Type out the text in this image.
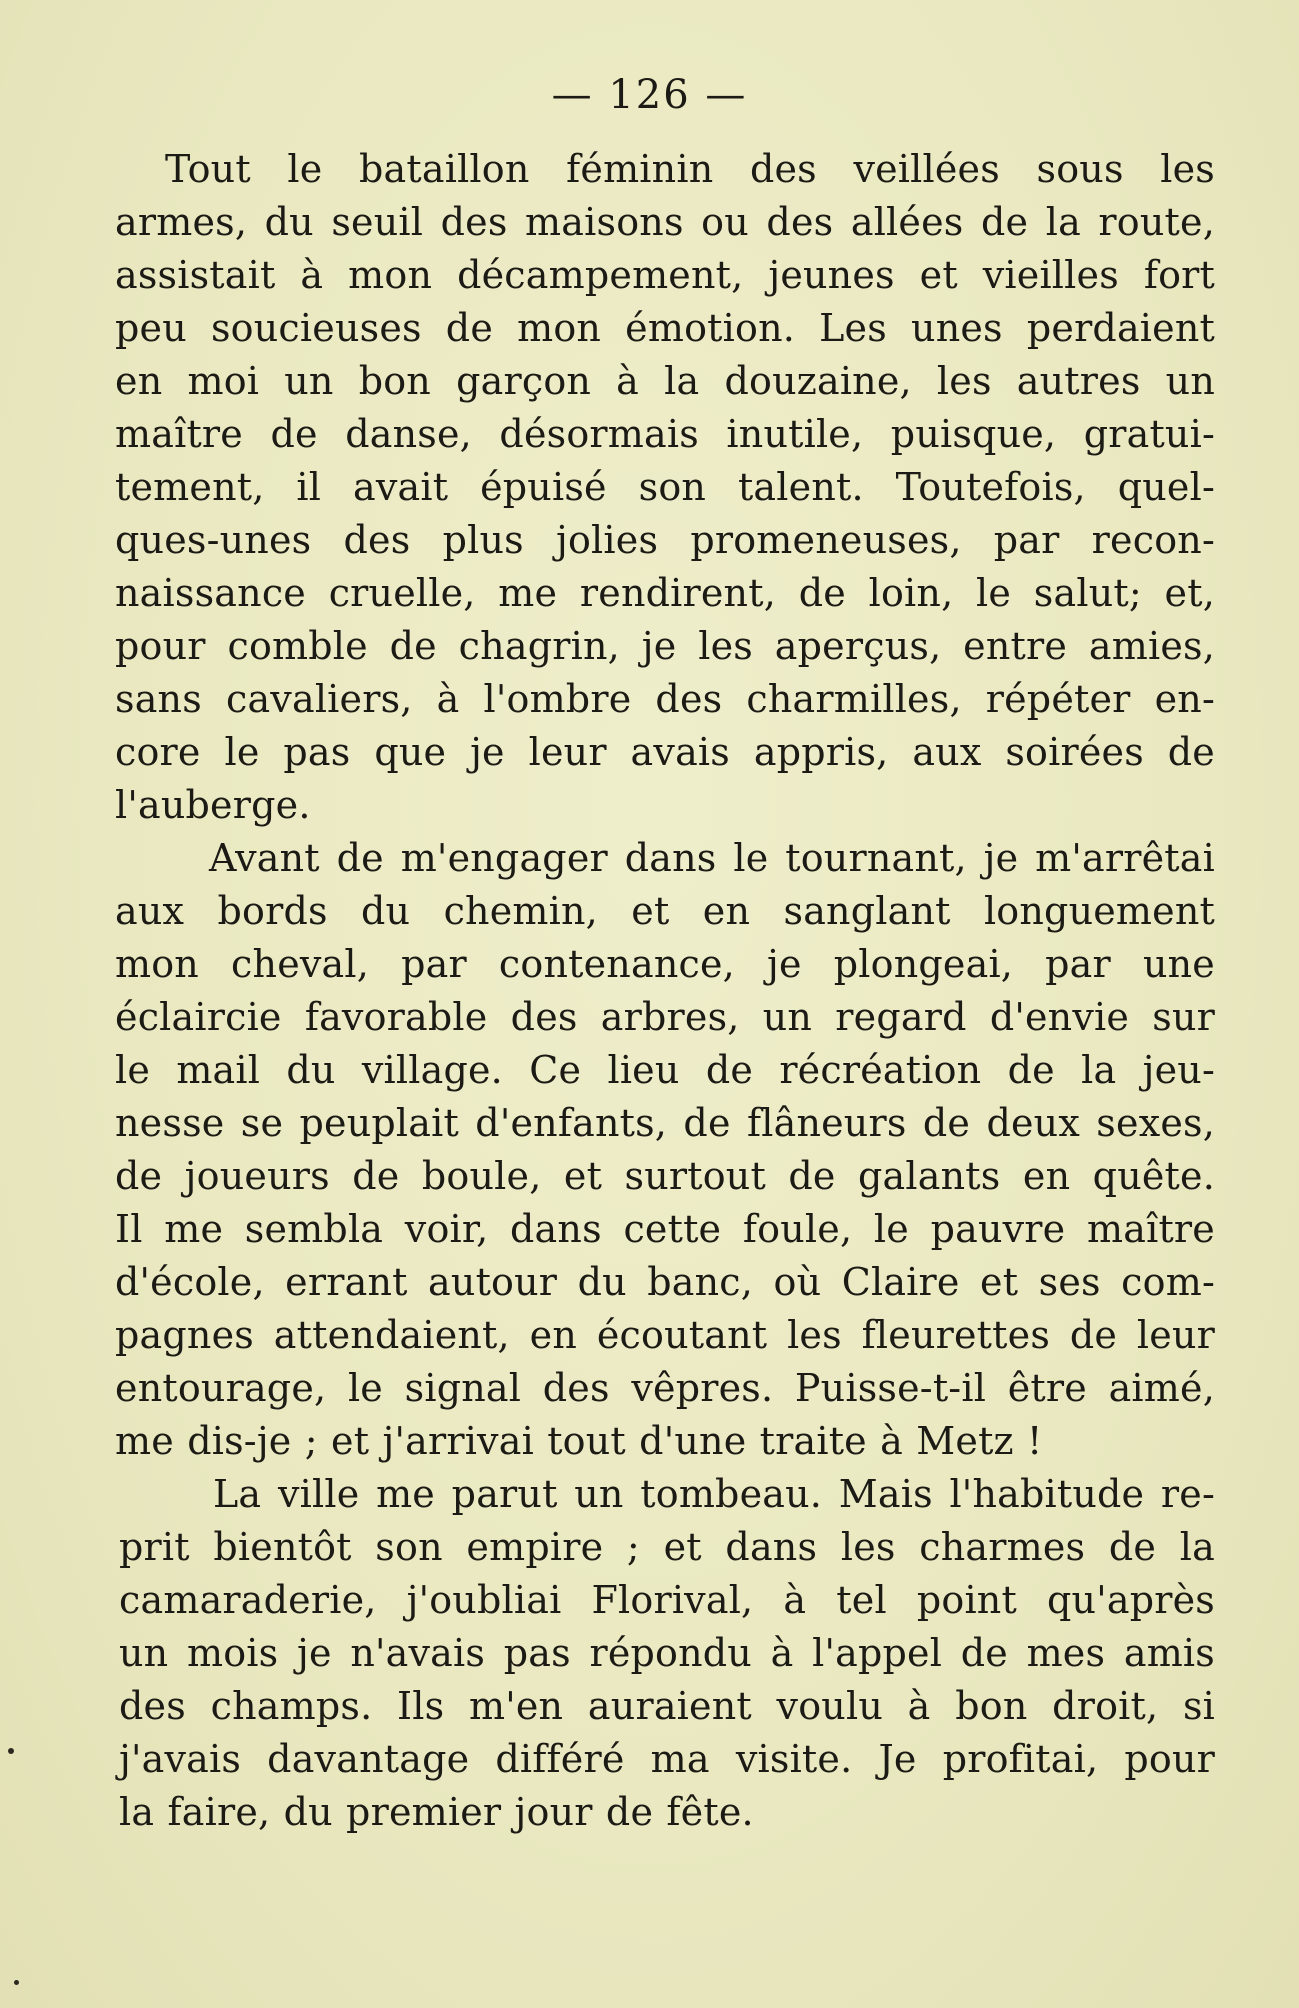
— 126 —
Tout le bataillon féminin des veillées sous les
armes, du seuil des maisons ou des allées de la route,
assistait à mon décampement, jeunes et vieilles fort
peu soucieuses de mon émotion. Les unes perdaient
en moi un bon garçon à la douzaine, les autres un
maître de danse, désormais inutile, puisque, gratui-
tement, il avait épuisé son talent. Toutefois, quel-
ques-unes des plus jolies promeneuses, par recon-
naissance cruelle, me rendirent, de loin, le salut; et,
pour comble de chagrin, je les aperçus, entre amies,
sans cavaliers, à l'ombre des charmilles, répéter en-
core le pas que je leur avais appris, aux soirées de
l'auberge.
Avant de m'engager dans le tournant, je m'arrêtai
aux bords du chemin, et en sanglant longuement
mon cheval, par contenance, je plongeai, par une
éclaircie favorable des arbres, un regard d'envie sur
le mail du village. Ce lieu de récréation de la jeu-
nesse se peuplait d'enfants, de flâneurs de deux sexes,
de joueurs de boule, et surtout de galants en quête.
Il me sembla voir, dans cette foule, le pauvre maître
d'école, errant autour du banc, où Claire et ses com-
pagnes attendaient, en écoutant les fleurettes de leur
entourage, le signal des vêpres. Puisse-t-il être aimé,
me dis-je ; et j'arrivai tout d'une traite à Metz !
La ville me parut un tombeau. Mais l'habitude re-
prit bientôt son empire ; et dans les charmes de la
camaraderie, j'oubliai Florival, à tel point qu'après
un mois je n'avais pas répondu à l'appel de mes amis
des champs. Ils m'en auraient voulu à bon droit, si
j'avais davantage différé ma visite. Je profitai, pour
la faire, du premier jour de fête.
